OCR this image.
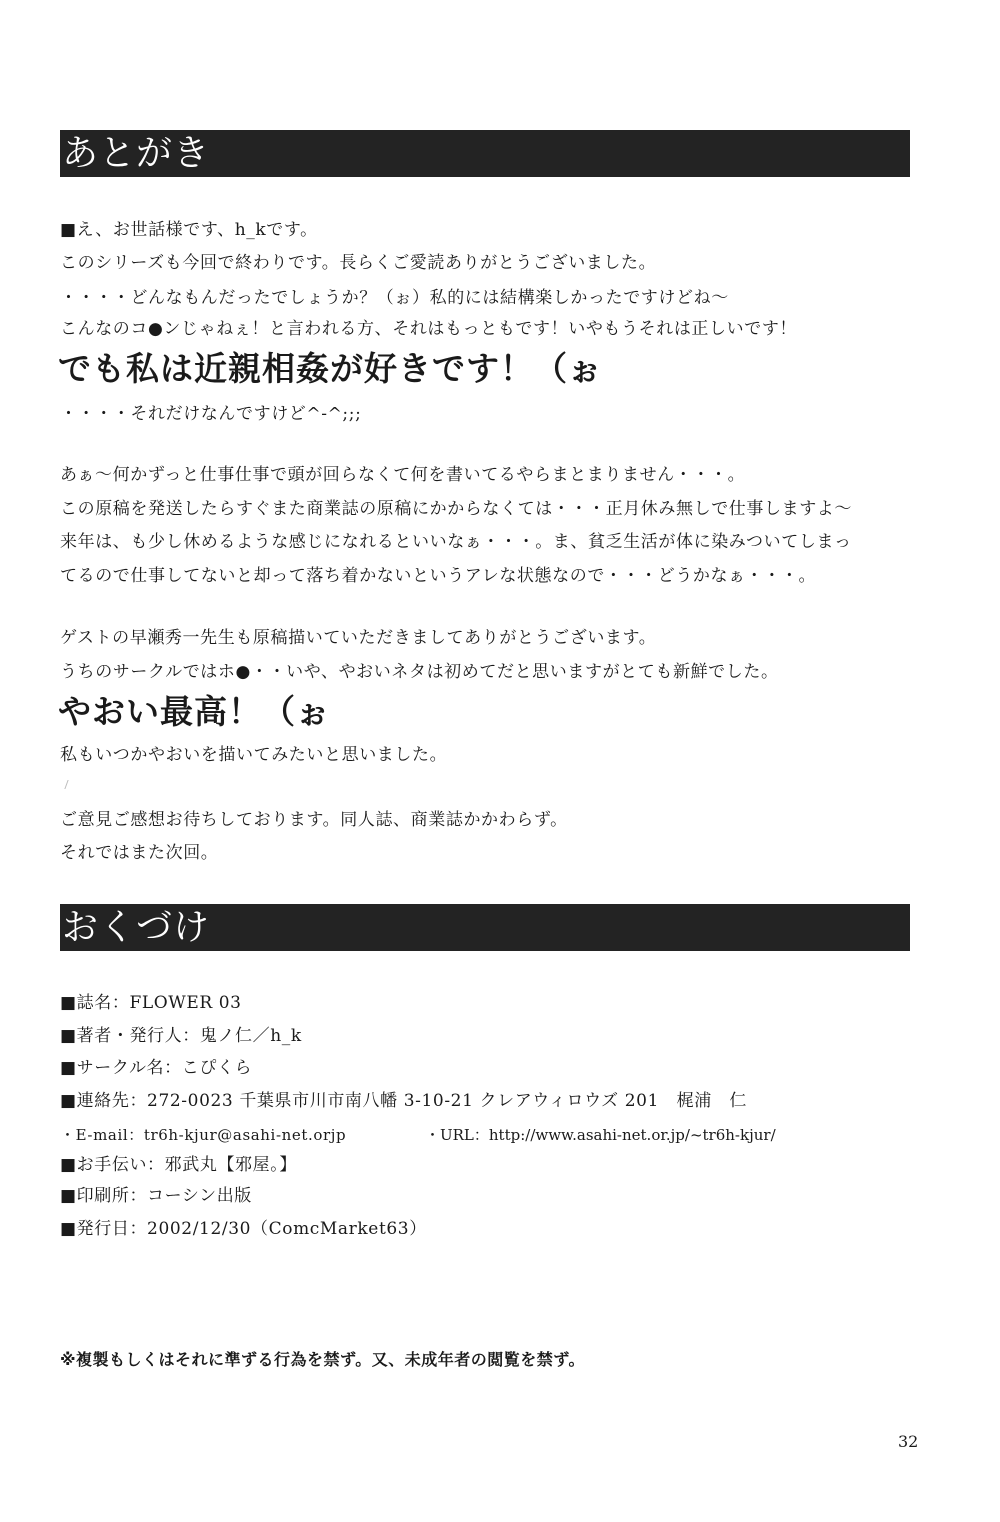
あとがき
■え、お世話様です、h_kです。
このシリーズも今回で終わりです。長らくご愛読ありがとうございました。
・・・・どんなもんだったでしょうか？（ぉ）私的には結構楽しかったですけどね～
こんなのコ●ンじゃねぇ！と言われる方、それはもっともです！いやもうそれは正しいです！
でも私は近親相姦が好きです！（ぉ
・・・・それだけなんですけど^-^;;;
あぁ～何かずっと仕事仕事で頭が回らなくて何を書いてるやらまとまりません・・・。
この原稿を発送したらすぐまた商業誌の原稿にかからなくては・・・正月休み無しで仕事しますよ～
来年は、も少し休めるような感じになれるといいなぁ・・・。ま、貧乏生活が体に染みついてしまっ
てるので仕事してないと却って落ち着かないというアレな状態なので・・・どうかなぁ・・・。
ゲストの早瀬秀一先生も原稿描いていただきましてありがとうございます。
うちのサークルではホ●・・いや、やおいネタは初めてだと思いますがとても新鮮でした。
やおい最高！（ぉ
私もいつかやおいを描いてみたいと思いました。
ご意見ご感想お待ちしております。同人誌、商業誌かかわらず。
それではまた次回。
おくづけ
■誌名：FLOWER 03
■著者・発行人：鬼ノ仁／h_k
■サークル名：こぴくら
■連絡先：272-0023 千葉県市川市南八幡 3-10-21 クレアウィロウズ 201　梶浦　仁
・E-mail：tr6h-kjur@asahi-net.orjp	・URL：http://www.asahi-net.or.jp/~tr6h-kjur/
■お手伝い：邪武丸【邪屋。】
■印刷所：コーシン出版
■発行日：2002/12/30（ComcMarket63）
※複製もしくはそれに準ずる行為を禁ず。又、未成年者の閲覧を禁ず。
32
